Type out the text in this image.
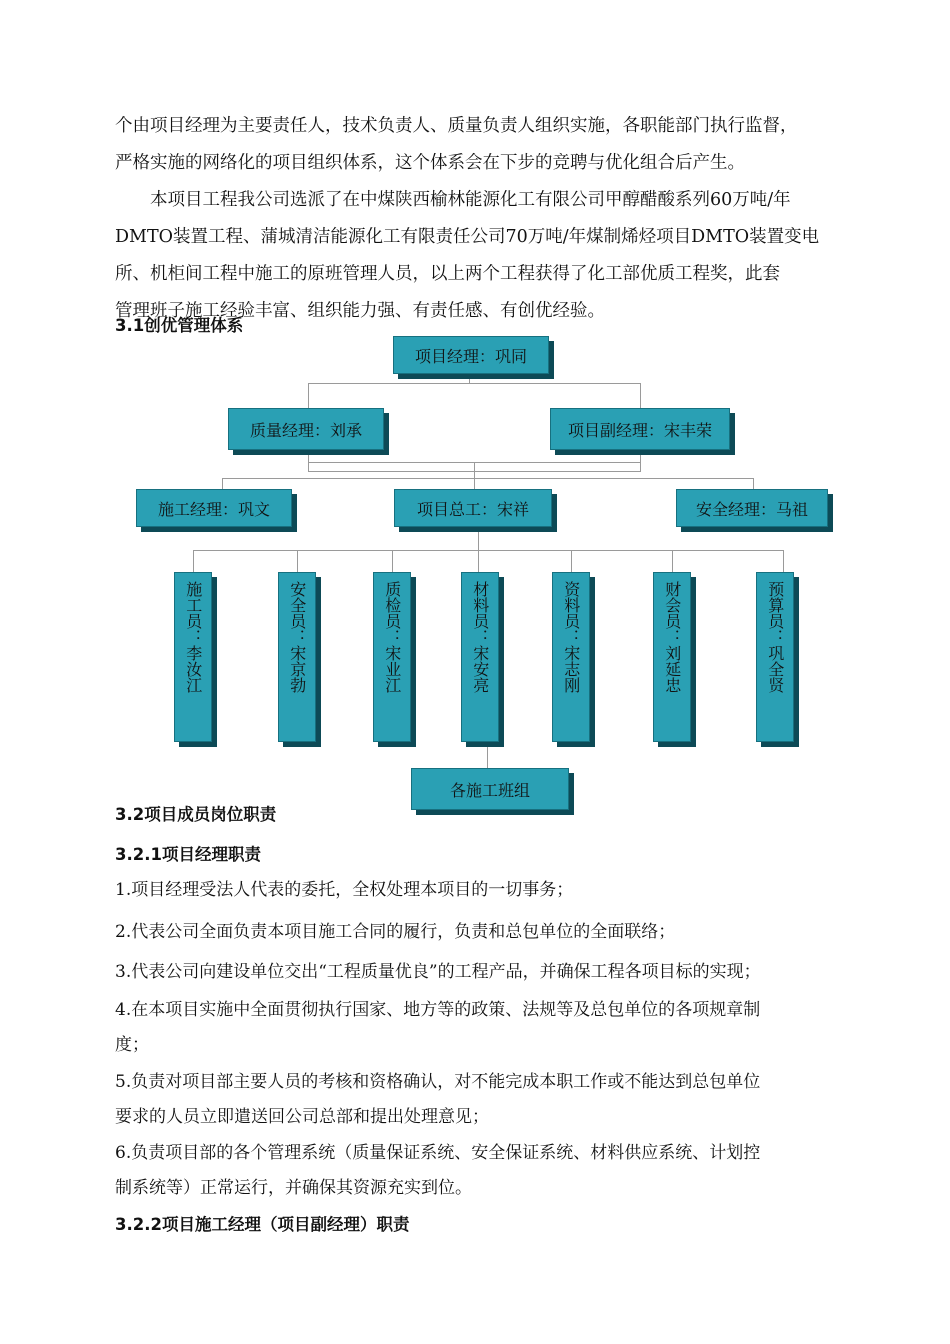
个由项目经理为主要责任人，技术负责人、质量负责人组织实施，各职能部门执行监督，
严格实施的网络化的项目组织体系，这个体系会在下步的竞聘与优化组合后产生。
本项目工程我公司选派了在中煤陕西榆林能源化工有限公司甲醇醋酸系列60万吨/年
DMTO装置工程、蒲城清洁能源化工有限责任公司70万吨/年煤制烯烃项目DMTO装置变电
所、机柜间工程中施工的原班管理人员，以上两个工程获得了化工部优质工程奖，此套
管理班子施工经验丰富、组织能力强、有责任感、有创优经验。
3.1创优管理体系
项目经理：巩同
质量经理：刘承	项目副经理：宋丰荣
施工经理：巩文	项目总工：宋祥	安全经理：马祖
施工员：李汝江	安全员：宋京勃	质检员：宋业江	材料员：宋安亮	资料员：宋志刚	财会员：刘延忠	预算员：巩全贤
各施工班组
3.2项目成员岗位职责
3.2.1项目经理职责
1.项目经理受法人代表的委托，全权处理本项目的一切事务；
2.代表公司全面负责本项目施工合同的履行，负责和总包单位的全面联络；
3.代表公司向建设单位交出“工程质量优良”的工程产品，并确保工程各项目标的实现；
4.在本项目实施中全面贯彻执行国家、地方等的政策、法规等及总包单位的各项规章制
度；
5.负责对项目部主要人员的考核和资格确认，对不能完成本职工作或不能达到总包单位
要求的人员立即遣送回公司总部和提出处理意见；
6.负责项目部的各个管理系统（质量保证系统、安全保证系统、材料供应系统、计划控
制系统等）正常运行，并确保其资源充实到位。
3.2.2项目施工经理（项目副经理）职责
